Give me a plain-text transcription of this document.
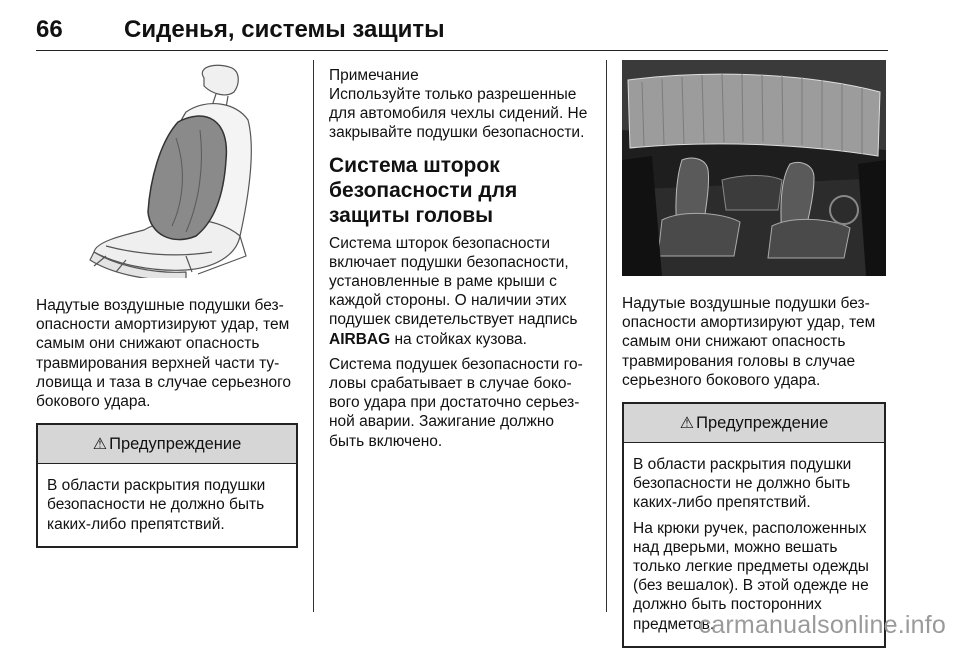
66	Сиденья, системы защиты

Надутые воздушные подушки безопасности амортизируют удар, тем самым они снижают опасность травмирования верхней части туловища и таза в случае серьезного бокового удара.

⚠ Предупреждение

В области раскрытия подушки безопасности не должно быть каких-либо препятствий.

Примечание

Используйте только разрешенные для автомобиля чехлы сидений. Не закрывайте подушки безопасности.

Система шторок безопасности для защиты головы

Система шторок безопасности включает подушки безопасности, установленные в раме крыши с каждой стороны. О наличии этих подушек свидетельствует надпись AIRBAG на стойках кузова.

Система подушек безопасности головы срабатывает в случае бокового удара при достаточно серьезной аварии. Зажигание должно быть включено.

Надутые воздушные подушки безопасности амортизируют удар, тем самым они снижают опасность травмирования головы в случае серьезного бокового удара.

⚠ Предупреждение

В области раскрытия подушки безопасности не должно быть каких-либо препятствий.

На крюки ручек, расположенных над дверьми, можно вешать только легкие предметы одежды (без вешалок). В этой одежде не должно быть посторонних предметов.

carmanualsonline.info
